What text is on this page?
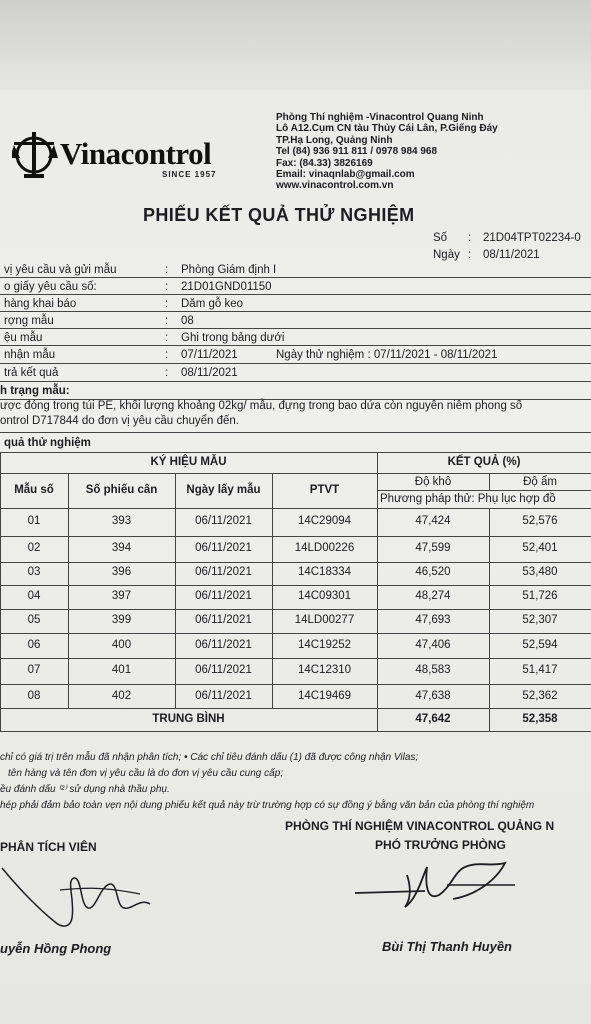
Vinacontrol
SINCE 1957
Phòng Thí nghiệm -Vinacontrol Quang Ninh
Lô A12.Cụm CN tàu Thủy Cái Lân, P.Giếng Đáy
TP.Hạ Long, Quảng Ninh
Tel (84) 936 911 811 / 0978 984 968
Fax: (84.33) 3826169
Email: vinaqnlab@gmail.com
www.vinacontrol.com.vn
PHIẾU KẾT QUẢ THỬ NGHIỆM
Số : 21D04TPT02234-0
Ngày : 08/11/2021
vị yêu cầu và gửi mẫu	: Phòng Giám định I
o giấy yêu cầu số:	: 21D01GND01150
hàng khai báo	: Dăm gỗ keo
rợng mẫu	: 08
ệu mẫu	: Ghi trong bảng dưới
nhận mẫu	: 07/11/2021	Ngày thử nghiệm : 07/11/2021 - 08/11/2021
trả kết quả	: 08/11/2021
h trạng mẫu:
ược đóng trong túi PE, khối lượng khoảng 02kg/ mẫu, đựng trong bao dứa còn nguyên niêm phong số
ontrol D717844 do đơn vị yêu cầu chuyển đến.
quả thử nghiệm
KÝ HIỆU MẪU	KẾT QUẢ (%)
Mẫu số	Số phiếu cân	Ngày lấy mẫu	PTVT
Độ khô	Độ ẩm
Phương pháp thử: Phụ lục hợp đồ
01	393	06/11/2021	14C29094	47,424	52,576
02	394	06/11/2021	14LD00226	47,599	52,401
03	396	06/11/2021	14C18334	46,520	53,480
04	397	06/11/2021	14C09301	48,274	51,726
05	399	06/11/2021	14LD00277	47,693	52,307
06	400	06/11/2021	14C19252	47,406	52,594
07	401	06/11/2021	14C12310	48,583	51,417
08	402	06/11/2021	14C19469	47,638	52,362
TRUNG BÌNH	47,642	52,358
chỉ có giá trị trên mẫu đã nhận phân tích; • Các chỉ tiêu đánh dấu (1) đã được công nhận Vilas;
tên hàng và tên đơn vị yêu cầu là do đơn vị yêu cầu cung cấp;
ều đánh dấu ⁽²⁾ sử dụng nhà thầu phụ.
hép phải đảm bảo toàn vẹn nội dung phiếu kết quả này trừ trường hợp có sự đồng ý bằng văn bản của phòng thí nghiệm
PHÒNG THÍ NGHIỆM VINACONTROL QUẢNG N
PHÂN TÍCH VIÊN	PHÓ TRƯỞNG PHÒNG
uyễn Hồng Phong	Bùi Thị Thanh Huyền
